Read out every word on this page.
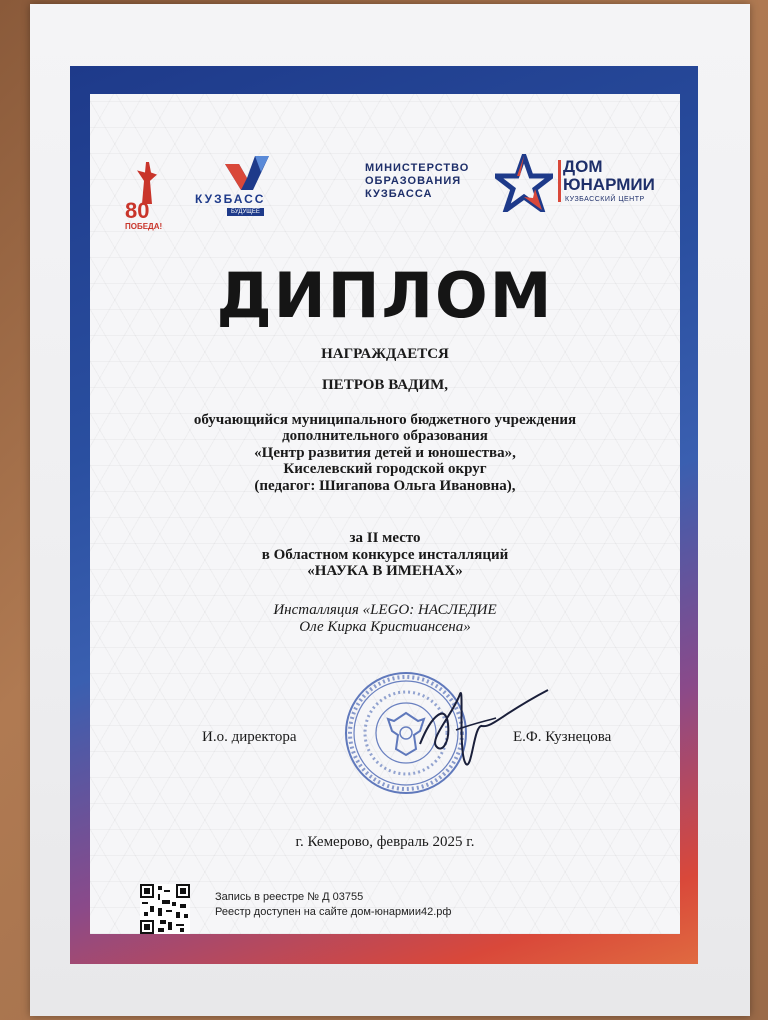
80
ПОБЕДА!
КУЗБАСС
БУДУЩЕЕ
МИНИСТЕРСТВО
ОБРАЗОВАНИЯ
КУЗБАССА
ДОМ
ЮНАРМИИ
КУЗБАССКИЙ ЦЕНТР
ДИПЛОМ
НАГРАЖДАЕТСЯ
ПЕТРОВ ВАДИМ,
обучающийся муниципального бюджетного учреждения
дополнительного образования
«Центр развития детей и юношества»,
Киселевский городской округ
(педагог: Шигапова Ольга Ивановна),
за II место
в Областном конкурсе инсталляций
«НАУКА В ИМЕНАХ»
Инсталляция «LEGO: НАСЛЕДИЕ
Оле Кирка Кристиансена»
И.о. директора	Е.Ф. Кузнецова
г. Кемерово, февраль 2025 г.
Запись в реестре № Д 03755
Реестр доступен на сайте дом-юнармии42.рф
